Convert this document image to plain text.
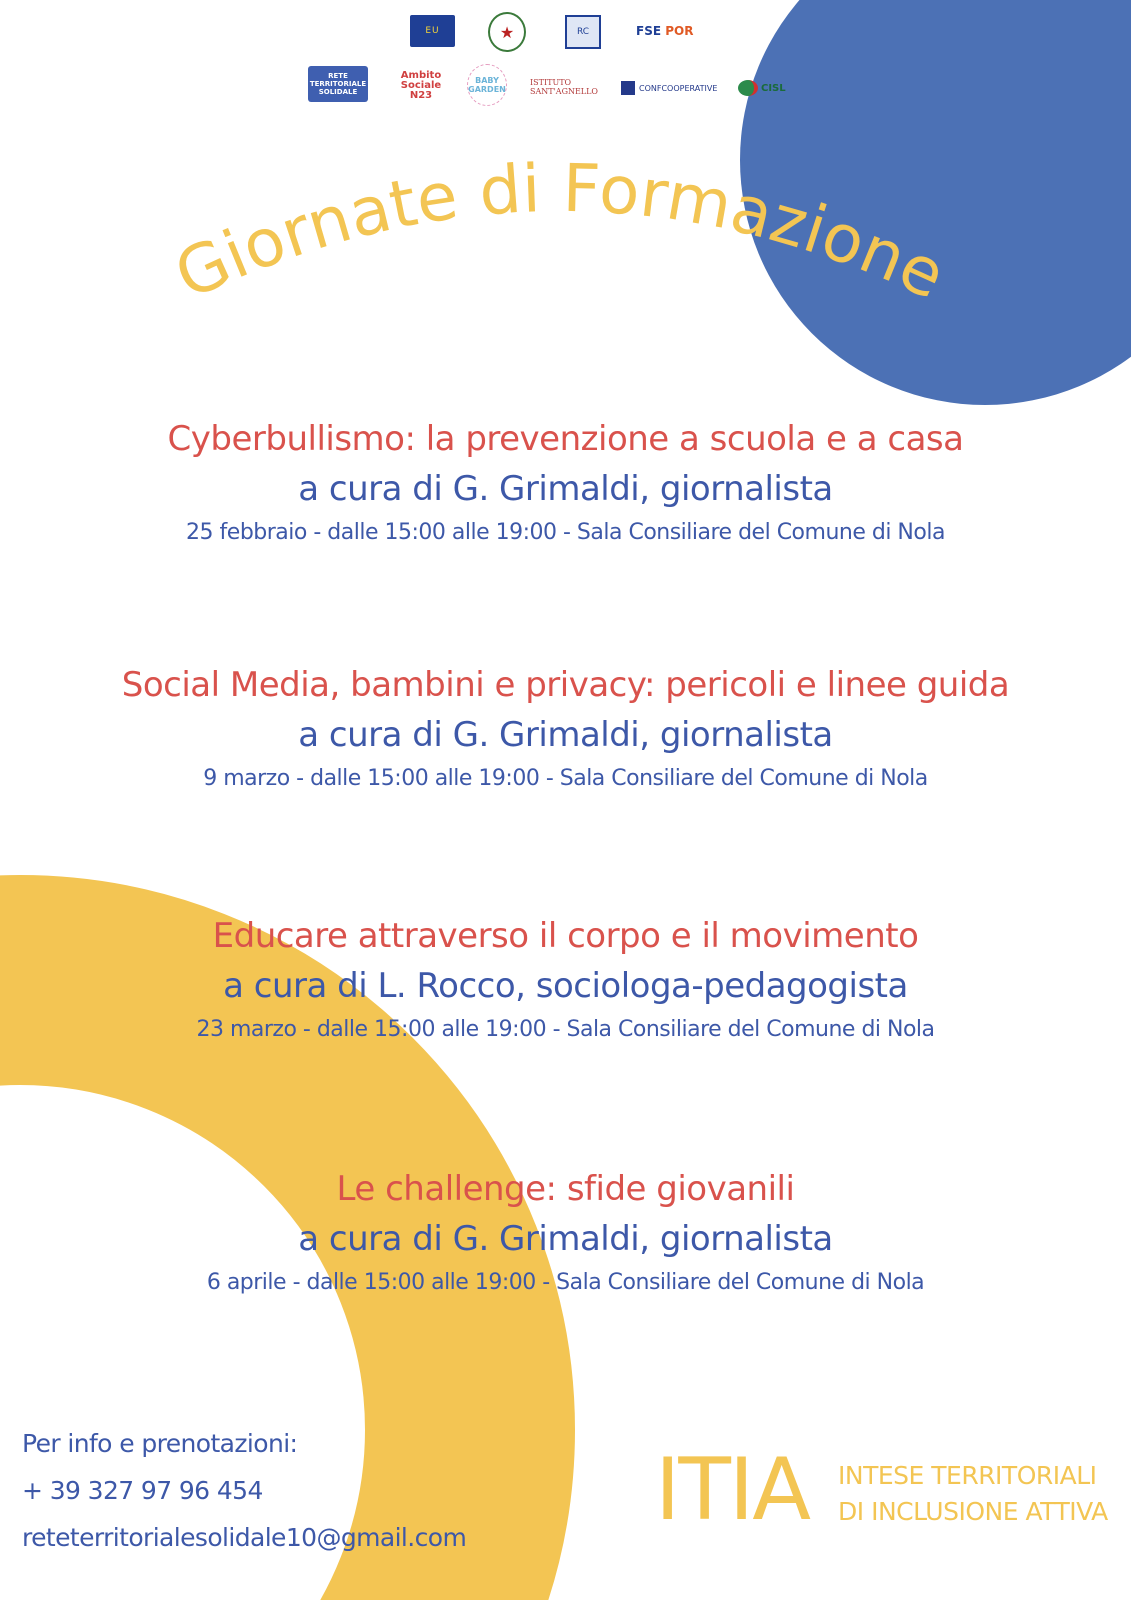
EU	★	RC	FSE
POR
RETE TERRITORIALE SOLIDALE
Ambito Sociale N23
BABY GARDEN
ISTITUTO SANT'AGNELLO	CONFCOOPERATIVE	CISL
Giornate di Formazione
Cyberbullismo: la prevenzione a scuola e a casa
a cura di G. Grimaldi, giornalista
25 febbraio - dalle 15:00 alle 19:00 - Sala Consiliare del Comune di Nola
Social Media, bambini e privacy: pericoli e linee guida
a cura di G. Grimaldi, giornalista
9 marzo - dalle 15:00 alle 19:00 - Sala Consiliare del Comune di Nola
Educare attraverso il corpo e il movimento
a cura di L. Rocco, sociologa-pedagogista
23 marzo - dalle 15:00 alle 19:00 - Sala Consiliare del Comune di Nola
Le challenge: sfide giovanili
a cura di G. Grimaldi, giornalista
6 aprile - dalle 15:00 alle 19:00 - Sala Consiliare del Comune di Nola
Per info e prenotazioni:
+ 39 327 97 96 454
reteterritorialesolidale10@gmail.com ITIA INTESE TERRITORIALI
DI INCLUSIONE ATTIVA
